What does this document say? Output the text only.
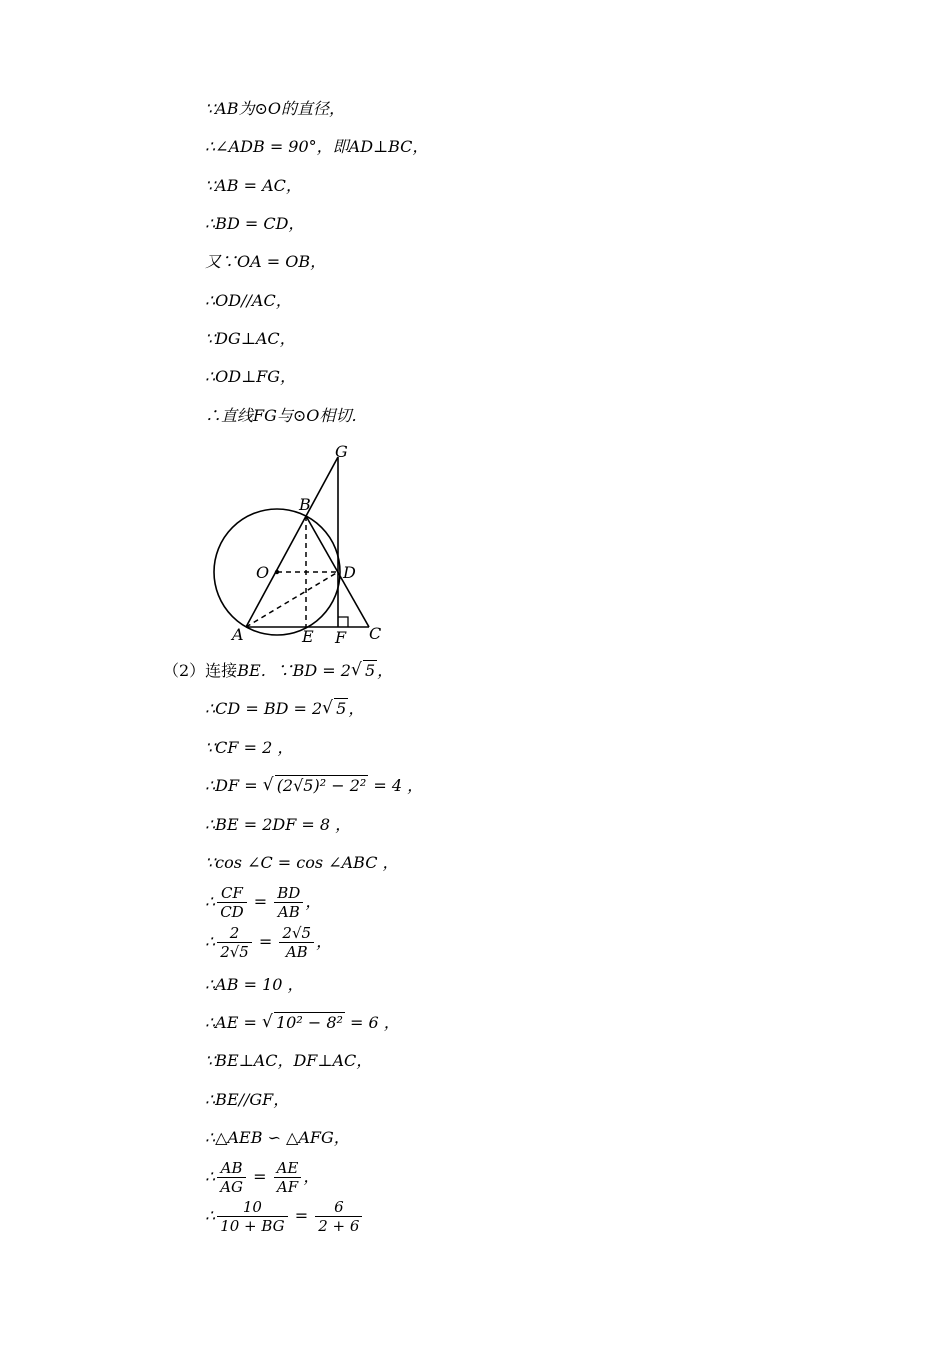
∵AB为⊙O的直径，
∴∠ADB = 90°，即AD⊥BC，
∵AB = AC，
∴BD = CD，
又∵OA = OB，
∴OD//AC，
∵DG⊥AC，
∴OD⊥FG，
∴直线FG与⊙O相切．
G
B
O	D
A	E F C
（2）连接BE．∵BD = 2 √ 5 ，
∴CD = BD = 2 √ 5 ，
∵CF = 2 ，
∴DF = √ (2√5)² − 2² = 4 ，
∴BE = 2DF = 8 ，
∵cos ∠C = cos ∠ABC ，
∴ $\frac{CF}{CD} = \frac{BD}{AB}$ ，
∴ $\frac{2}{2√5} = \frac{2√5}{AB}$ ，
∴AB = 10 ，
∴AE = √ 10² − 8² = 6 ，
∵BE⊥AC，DF⊥AC，
∴BE//GF，
∴△AEB ∽ △AFG，
∴ $\frac{AB}{AG} = \frac{AE}{AF}$ ，
∴ $\frac{10}{10 + BG} = \frac{6}{2 + 6}$
